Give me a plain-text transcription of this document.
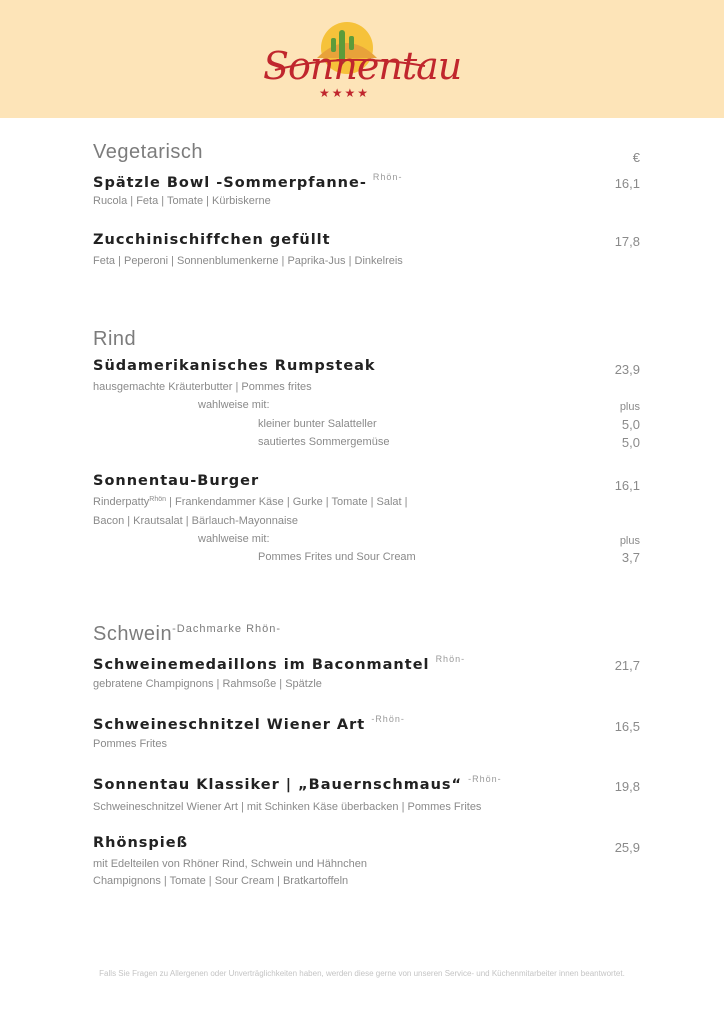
Sonnentau
★★★★
Vegetarisch	€
Spätzle Bowl -Sommerpfanne- $^{Rhön-}$	16,1
Rucola | Feta | Tomate | Kürbiskerne
Zucchinischiffchen gefüllt	17,8
Feta | Peperoni | Sonnenblumenkerne | Paprika-Jus | Dinkelreis
Rind
Südamerikanisches Rumpsteak	23,9
hausgemachte Kräuterbutter | Pommes frites
wahlweise mit:	plus
kleiner bunter Salatteller	5,0
sautiertes Sommergemüse	5,0
Sonnentau-Burger	16,1
Rinderpatty$^{Rhön}$ | Frankendammer Käse | Gurke | Tomate | Salat |
Bacon | Krautsalat | Bärlauch-Mayonnaise
wahlweise mit:	plus
Pommes Frites und Sour Cream	3,7
Schwein$^{-Dachmarke Rhön-}$
Schweinemedaillons im Baconmantel $^{Rhön-}$	21,7
gebratene Champignons | Rahmsoße | Spätzle
Schweineschnitzel Wiener Art $^{-Rhön-}$	16,5
Pommes Frites
Sonnentau Klassiker | „Bauernschmaus“ $^{-Rhön-}$	19,8
Schweineschnitzel Wiener Art | mit Schinken Käse überbacken | Pommes Frites
Rhönspieß	25,9
mit Edelteilen von Rhöner Rind, Schwein und Hähnchen
Champignons | Tomate | Sour Cream | Bratkartoffeln
Falls Sie Fragen zu Allergenen oder Unverträglichkeiten haben, werden diese gerne von unseren Service- und Küchenmitarbeiter innen beantwortet.
